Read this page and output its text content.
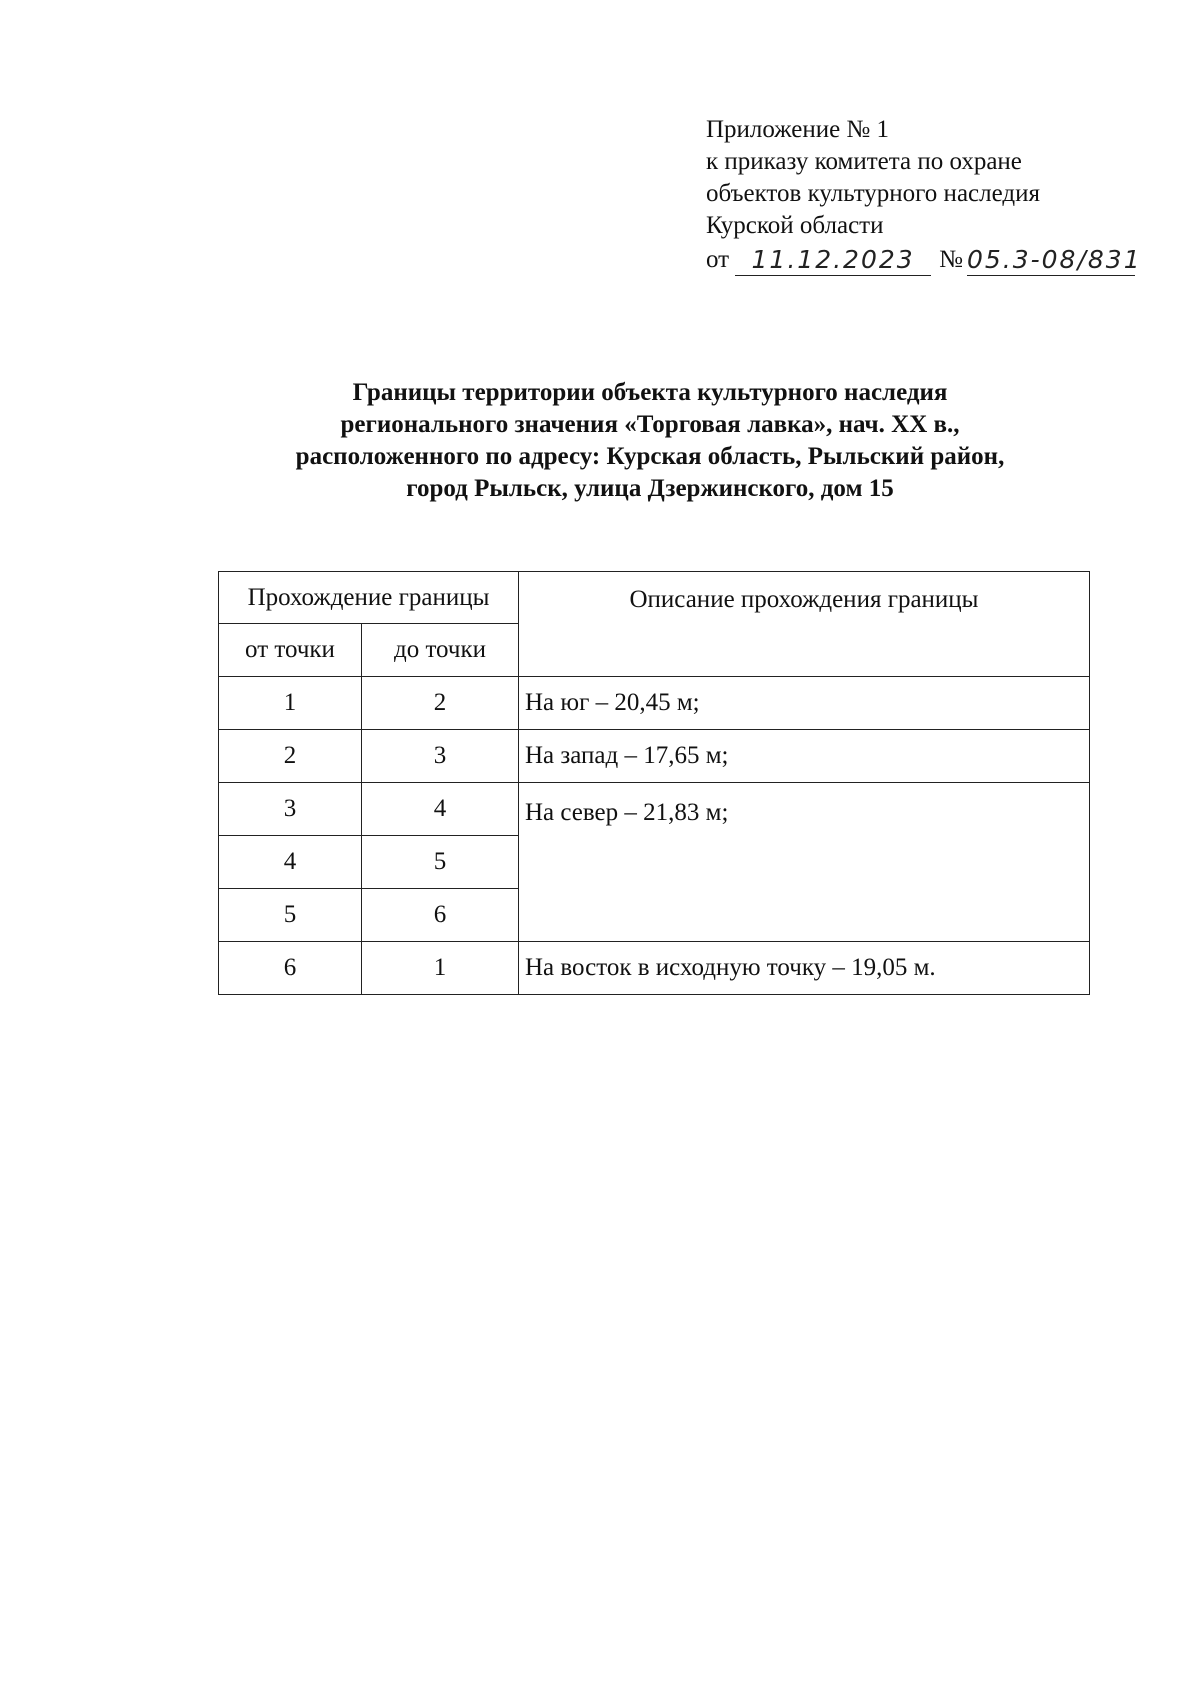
Приложение № 1
к приказу комитета по охране
объектов культурного наследия
Курской области
от 11.12.2023 № 05.3-08/831
Границы территории объекта культурного наследия
регионального значения «Торговая лавка», нач. XX в.,
расположенного по адресу: Курская область, Рыльский район,
город Рыльск, улица Дзержинского, дом 15
Прохождение границы		Описание прохождения границы
от точки	до точки	
1	2	На юг – 20,45 м;
2	3	На запад – 17,65 м;
3	4	На север – 21,83 м;
4	5	
5	6	
6	1	На восток в исходную точку – 19,05 м.
